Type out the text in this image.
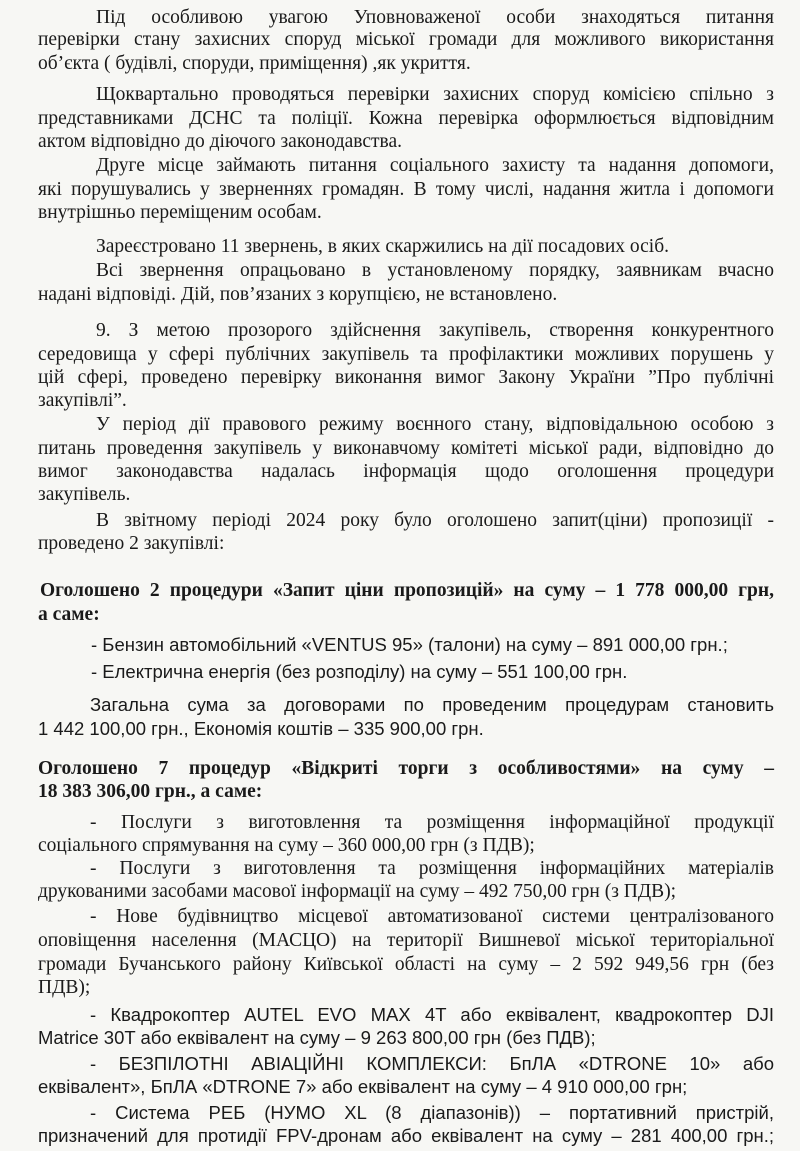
Під особливою увагою Уповноваженої особи знаходяться питання
перевірки стану захисних споруд міської громади для можливого використання
об’єкта ( будівлі, споруди, приміщення) ,як укриття.
Щоквартально проводяться перевірки захисних споруд комісією спільно з
представниками ДСНС та поліції. Кожна перевірка оформлюється відповідним
актом відповідно до діючого законодавства.
Друге місце займають питання соціального захисту та надання допомоги,
які порушувались у зверненнях громадян. В тому числі, надання житла і допомоги
внутрішньо переміщеним особам.
Зареєстровано 11 звернень, в яких скаржились на дії посадових осіб.
Всі звернення опрацьовано в установленому порядку, заявникам вчасно
надані відповіді. Дій, пов’язаних з корупцією, не встановлено.
9. З метою прозорого здійснення закупівель, створення конкурентного
середовища у сфері публічних закупівель та профілактики можливих порушень у
цій сфері, проведено перевірку виконання вимог Закону України ”Про публічні
закупівлі”.
У період дії правового режиму воєнного стану, відповідальною особою з
питань проведення закупівель у виконавчому комітеті міської ради, відповідно до
вимог законодавства надалась інформація щодо оголошення процедури
закупівель.
В звітному періоді 2024 року було оголошено запит(ціни) пропозиції -
проведено 2 закупівлі:
Оголошено 2 процедури «Запит ціни пропозицій» на суму – 1 778 000,00 грн,
а саме:
- Бензин автомобільний «VENTUS 95» (талони) на суму – 891 000,00 грн.;
- Електрична енергія (без розподілу) на суму – 551 100,00 грн.
Загальна сума за договорами по проведеним процедурам становить
1 442 100,00 грн., Економія коштів – 335 900,00 грн.
Оголошено 7 процедур «Відкриті торги з особливостями» на суму –
18 383 306,00 грн., а саме:
- Послуги з виготовлення та розміщення інформаційної продукції
соціального спрямування на суму – 360 000,00 грн (з ПДВ);
- Послуги з виготовлення та розміщення інформаційних матеріалів
друкованими засобами масової інформації на суму – 492 750,00 грн (з ПДВ);
- Нове будівництво місцевої автоматизованої системи централізованого
оповіщення населення (МАСЦО) на території Вишневої міської територіальної
громади Бучанського району Київської області на суму – 2 592 949,56 грн (без
ПДВ);
- Квадрокоптер AUTEL EVO MAX 4T або еквівалент, квадрокоптер DJI
Matrice 30T або еквівалент на суму – 9 263 800,00 грн (без ПДВ);
- БЕЗПІЛОТНІ АВІАЦІЙНІ КОМПЛЕКСИ: БпЛА «DTRONE 10» або
еквівалент», БпЛА «DTRONE 7» або еквівалент на суму – 4 910 000,00 грн;
- Система РЕБ (НУМО XL (8 діапазонів)) – портативний пристрій,
призначений для протидії FPV-дронам або еквівалент на суму – 281 400,00 грн.;
